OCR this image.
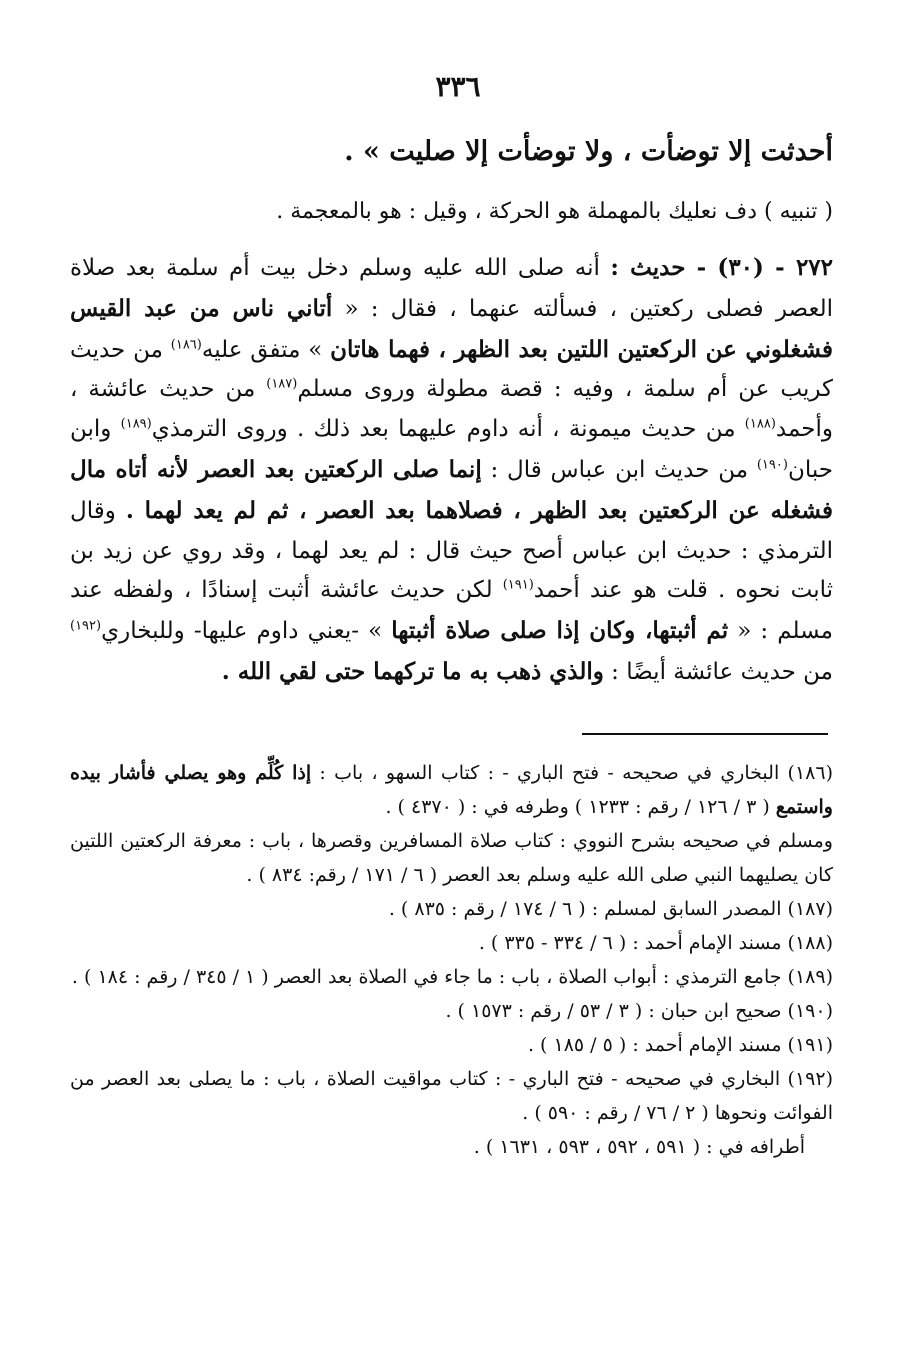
٣٣٦
أحدثت إلا توضأت ، ولا توضأت إلا صليت » .
( تنبيه ) دف نعليك بالمهملة هو الحركة ، وقيل : هو بالمعجمة .
٢٧٢ - (٣٠) - حديث : أنه صلى الله عليه وسلم دخل بيت أم سلمة بعد صلاة العصر فصلى ركعتين ، فسألته عنهما ، فقال : « أتاني ناس من عبد القيس فشغلوني عن الركعتين اللتين بعد الظهر ، فهما هاتان » متفق عليه$^{(١٨٦)}$ من حديث كريب عن أم سلمة ، وفيه : قصة مطولة وروى مسلم$^{(١٨٧)}$ من حديث عائشة ، وأحمد$^{(١٨٨)}$ من حديث ميمونة ، أنه داوم عليهما بعد ذلك . وروى الترمذي$^{(١٨٩)}$ وابن حبان$^{(١٩٠)}$ من حديث ابن عباس قال : إنما صلى الركعتين بعد العصر لأنه أتاه مال فشغله عن الركعتين بعد الظهر ، فصلاهما بعد العصر ، ثم لم يعد لهما . وقال الترمذي : حديث ابن عباس أصح حيث قال : لم يعد لهما ، وقد روي عن زيد بن ثابت نحوه . قلت هو عند أحمد$^{(١٩١)}$ لكن حديث عائشة أثبت إسنادًا ، ولفظه عند مسلم : « ثم أثبتها، وكان إذا صلى صلاة أثبتها » -يعني داوم عليها- وللبخاري$^{(١٩٢)}$ من حديث عائشة أيضًا : والذي ذهب به ما تركهما حتى لقي الله .

(١٨٦) البخاري في صحيحه - فتح الباري - : كتاب السهو ، باب : إذا كُلِّم وهو يصلي فأشار بيده واستمع ( ٣ / ١٢٦ / رقم : ١٢٣٣ ) وطرفه في : ( ٤٣٧٠ ) .

ومسلم في صحيحه بشرح النووي : كتاب صلاة المسافرين وقصرها ، باب : معرفة الركعتين اللتين كان يصليهما النبي صلى الله عليه وسلم بعد العصر ( ٦ / ١٧١ / رقم: ٨٣٤ ) .

(١٨٧) المصدر السابق لمسلم : ( ٦ / ١٧٤ / رقم : ٨٣٥ ) .

(١٨٨) مسند الإمام أحمد : ( ٦ / ٣٣٤ - ٣٣٥ ) .

(١٨٩) جامع الترمذي : أبواب الصلاة ، باب : ما جاء في الصلاة بعد العصر ( ١ / ٣٤٥ / رقم : ١٨٤ ) .

(١٩٠) صحيح ابن حبان : ( ٣ / ٥٣ / رقم : ١٥٧٣ ) .

(١٩١) مسند الإمام أحمد : ( ٥ / ١٨٥ ) .

(١٩٢) البخاري في صحيحه - فتح الباري - : كتاب مواقيت الصلاة ، باب : ما يصلى بعد العصر من الفوائت ونحوها ( ٢ / ٧٦ / رقم : ٥٩٠ ) .

أطرافه في : ( ٥٩١ ، ٥٩٢ ، ٥٩٣ ، ١٦٣١ ) .
